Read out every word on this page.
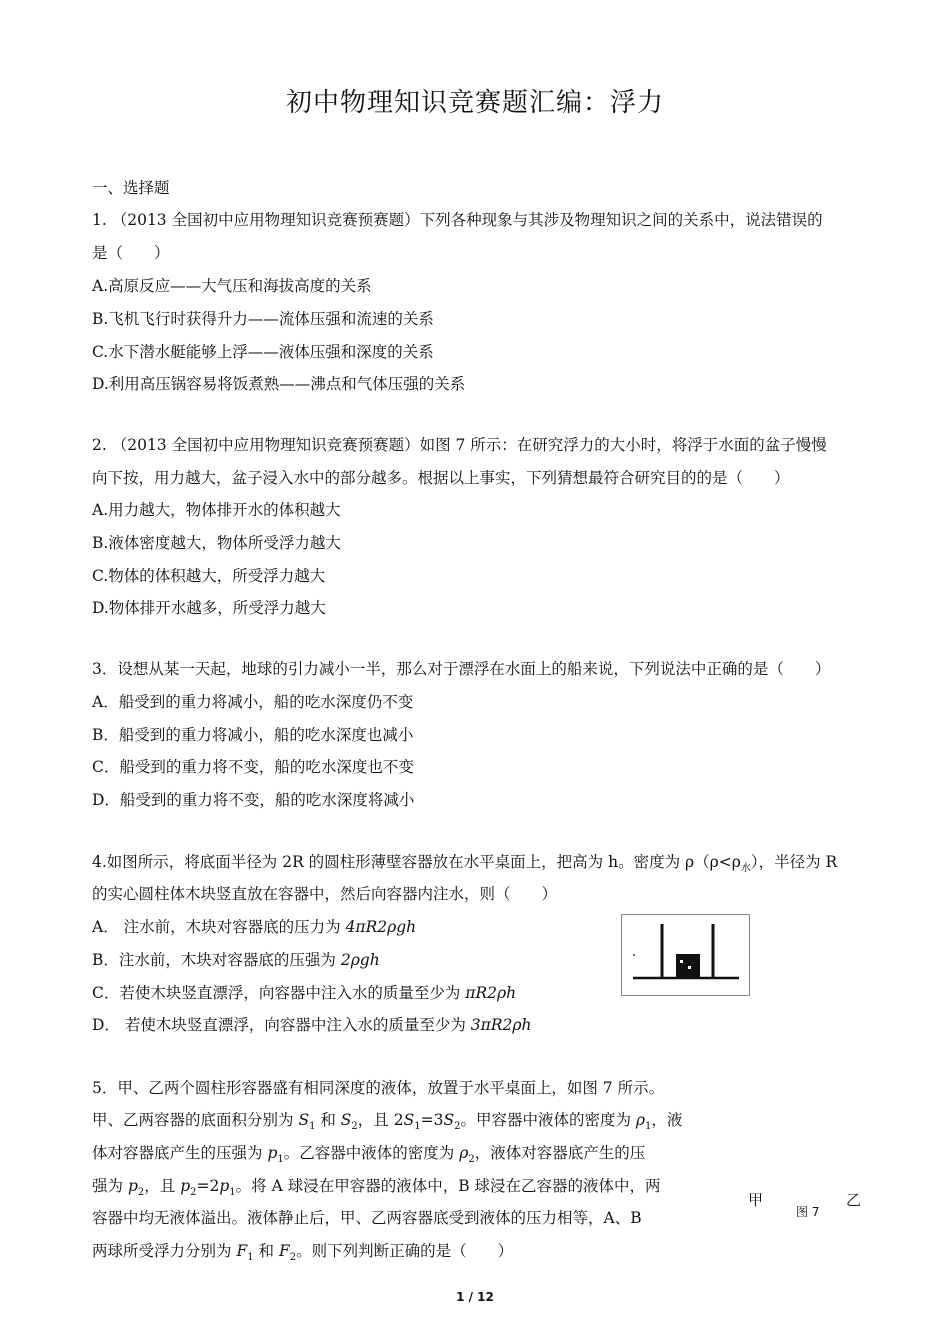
初中物理知识竞赛题汇编：浮力
一、选择题
1. （2013 全国初中应用物理知识竞赛预赛题）下列各种现象与其涉及物理知识之间的关系中，说法错误的
是（　　）
A.高原反应——大气压和海拔高度的关系
B.飞机飞行时获得升力——流体压强和流速的关系
C.水下潜水艇能够上浮——液体压强和深度的关系
D.利用高压锅容易将饭煮熟——沸点和气体压强的关系
2. （2013 全国初中应用物理知识竞赛预赛题）如图 7 所示：在研究浮力的大小时，将浮于水面的盆子慢慢
向下按，用力越大，盆子浸入水中的部分越多。根据以上事实，下列猜想最符合研究目的的是（　　）
A.用力越大，物体排开水的体积越大
B.液体密度越大，物体所受浮力越大
C.物体的体积越大，所受浮力越大
D.物体排开水越多，所受浮力越大
3．设想从某一天起，地球的引力减小一半，那么对于漂浮在水面上的船来说，下列说法中正确的是（　　）
A．船受到的重力将减小，船的吃水深度仍不变
B．船受到的重力将减小，船的吃水深度也减小
C．船受到的重力将不变，船的吃水深度也不变
D．船受到的重力将不变，船的吃水深度将减小
4.如图所示，将底面半径为 2R 的圆柱形薄壁容器放在水平桌面上，把高为 h。密度为 $\rho(\rho<\rho_水)$，半径为 R
的实心圆柱体木块竖直放在容器中，然后向容器内注水，则（　　）
A． 注水前，木块对容器底的压力为 4πR2ρgh
B．注水前，木块对容器底的压强为 2ρgh
C．若使木块竖直漂浮，向容器中注入水的质量至少为 πR2ρh
D． 若使木块竖直漂浮，向容器中注入水的质量至少为 3πR2ρh
5．甲、乙两个圆柱形容器盛有相同深度的液体，放置于水平桌面上，如图 7 所示。
甲、乙两容器的底面积分别为 $S_1$ 和 $S_2$，且 $2S_1=3S_2$。甲容器中液体的密度为 $\rho_1$，液
体对容器底产生的压强为 $p_1$。乙容器中液体的密度为 $\rho_2$，液体对容器底产生的压
强为 $p_2$，且 $p_2=2p_1$。将 A 球浸在甲容器的液体中，B 球浸在乙容器的液体中，两
容器中均无液体溢出。液体静止后，甲、乙两容器底受到液体的压力相等，A、B
两球所受浮力分别为 $F_1$ 和 $F_2$。则下列判断正确的是（　　）
甲
图 7
乙
1 / 12
